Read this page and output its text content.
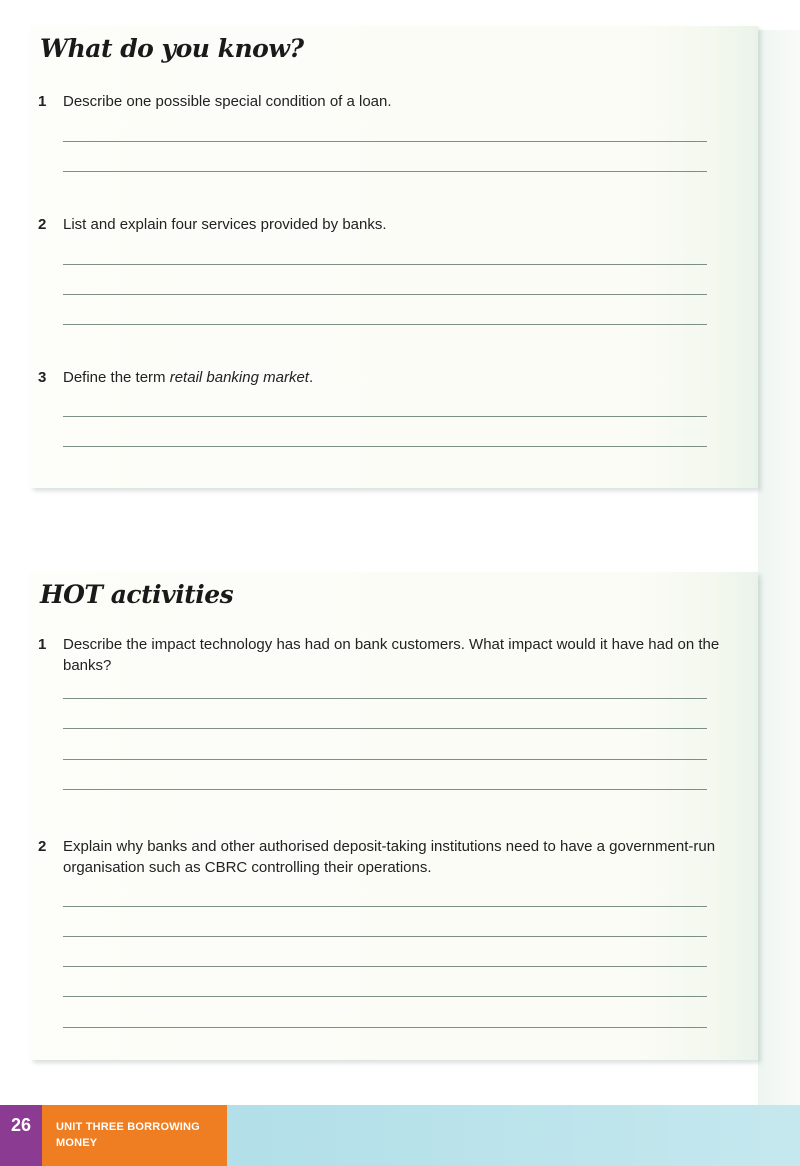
What do you know?
1 Describe one possible special condition of a loan.
2 List and explain four services provided by banks.
3 Define the term retail banking market.
HOT activities
1 Describe the impact technology has had on bank customers. What impact would it have had on the banks?
2 Explain why banks and other authorised deposit-taking institutions need to have a government-run organisation such as CBRC controlling their operations.
26	UNIT THREE BORROWING MONEY
